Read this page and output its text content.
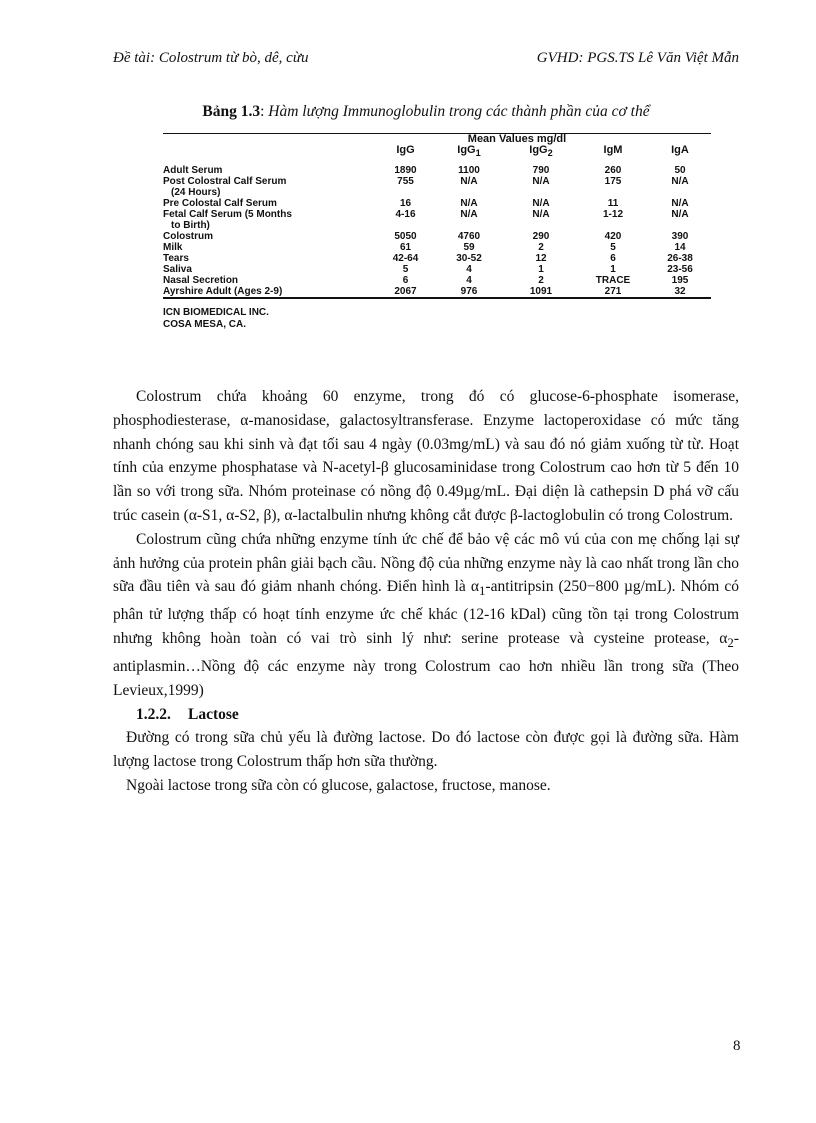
Đề tài: Colostrum từ bò, dê, cừu	GVHD: PGS.TS Lê Văn Việt Mẫn
Bảng 1.3: Hàm lượng Immunoglobulin trong các thành phần của cơ thể
Mean Values mg/dl					
	IgG	IgG$_1$	IgG$_2$	IgM	IgA

Adult Serum	1890	1100	790	260	50

Post Colostral Calf Serum
(24 Hours)	755	N/A	N/A	175	N/A

Pre Colostal Calf Serum	16	N/A	N/A	11	N/A

Fetal Calf Serum (5 Months
to Birth)	4-16	N/A	N/A	1-12	N/A

Colostrum	5050	4760	290	420	390

Milk	61	59	2	5	14

Tears	42-64	30-52	12	6	26-38

Saliva	5	4	1	1	23-56

Nasal Secretion	6	4	2	TRACE	195

Ayrshire Adult (Ages 2-9)	2067	976	1091	271	32
ICN BIOMEDICAL INC.
COSA MESA, CA.

Colostrum chứa khoảng 60 enzyme, trong đó có glucose-6-phosphate isomerase, phosphodiesterase, α-manosidase, galactosyltransferase. Enzyme lactoperoxidase có mức tăng nhanh chóng sau khi sinh và đạt tối sau 4 ngày (0.03mg/mL) và sau đó nó giảm xuống từ từ. Hoạt tính của enzyme phosphatase và N-acetyl-β glucosaminidase trong Colostrum cao hơn từ 5 đến 10 lần so với trong sữa. Nhóm proteinase có nồng độ 0.49µg/mL. Đại diện là cathepsin D phá vỡ cấu trúc casein (α-S1, α-S2, β), α-lactalbulin nhưng không cắt được β-lactoglobulin có trong Colostrum.

Colostrum cũng chứa những enzyme tính ức chế để bảo vệ các mô vú của con mẹ chống lại sự ảnh hưởng của protein phân giải bạch cầu. Nồng độ của những enzyme này là cao nhất trong lần cho sữa đầu tiên và sau đó giảm nhanh chóng. Điển hình là $\alpha_1$-antitripsin (250−800 µg/mL). Nhóm có phân tử lượng thấp có hoạt tính enzyme ức chế khác (12-16 kDal) cũng tồn tại trong Colostrum nhưng không hoàn toàn có vai trò sinh lý như: serine protease và cysteine protease, $\alpha_2-antiplasmin\dots Nồng$ độ các enzyme này trong Colostrum cao hơn nhiều lần trong sữa (Theo Levieux,1999)

1.2.2. Lactose

Đường có trong sữa chủ yếu là đường lactose. Do đó lactose còn được gọi là đường sữa. Hàm lượng lactose trong Colostrum thấp hơn sữa thường.

Ngoài lactose trong sữa còn có glucose, galactose, fructose, manose.

8
